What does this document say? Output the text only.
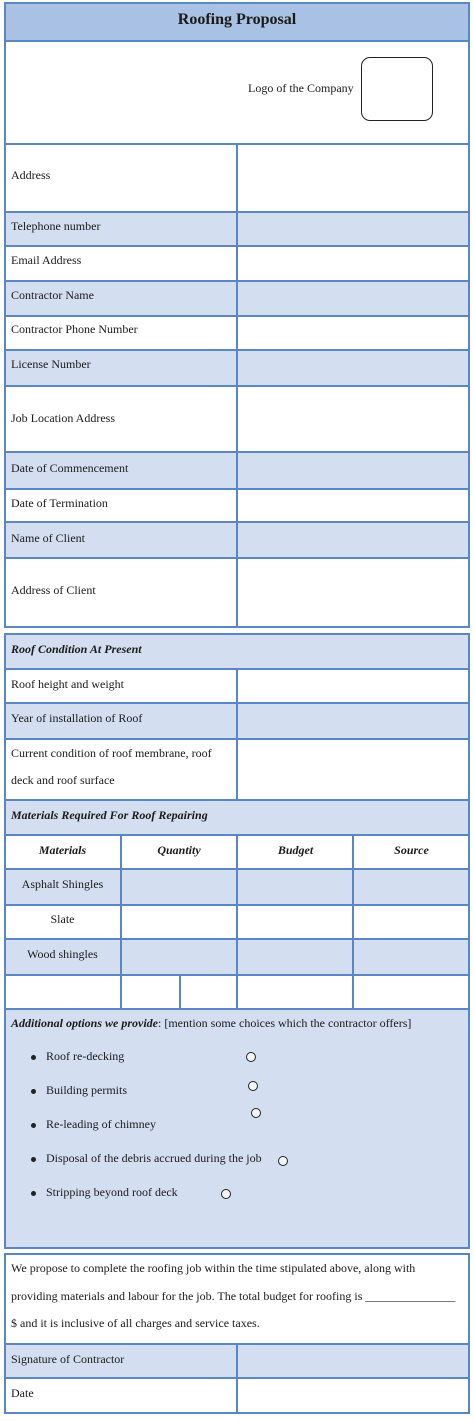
Roofing Proposal
Logo of the Company
Address
Telephone number
Email Address
Contractor Name
Contractor Phone Number
License Number
Job Location Address
Date of Commencement
Date of Termination
Name of Client
Address of Client
Roof Condition At Present
Roof height and weight
Year of installation of Roof
Current condition of roof membrane, roof
deck and roof surface
Materials Required For Roof Repairing
Materials	Quantity	Budget	Source
Asphalt Shingles
Slate
Wood shingles
Additional options we provide: [mention some choices which the contractor offers]
Roof re-decking
Building permits
Re-leading of chimney
Disposal of the debris accrued during the job
Stripping beyond roof deck
We propose to complete the roofing job within the time stipulated above, along with
providing materials and labour for the job. The total budget for roofing is _______________
$ and it is inclusive of all charges and service taxes.
Signature of Contractor
Date
